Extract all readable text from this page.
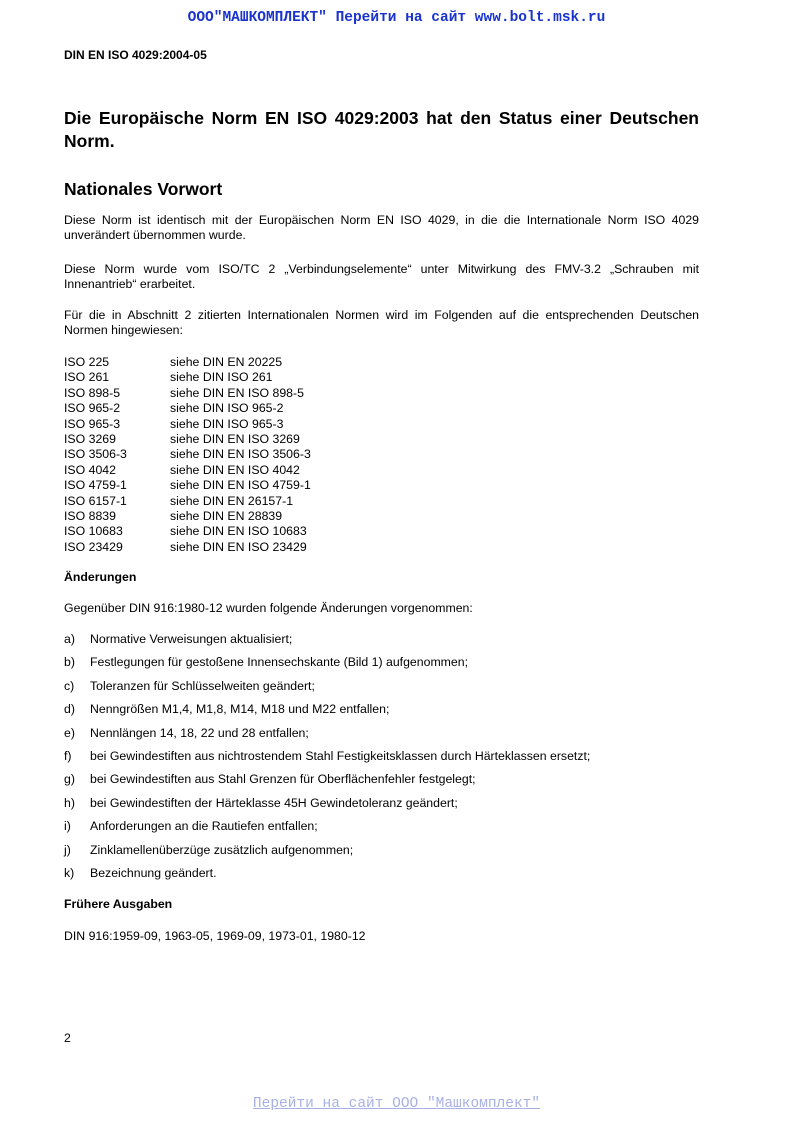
ООО"МАШКОМПЛЕКТ" Перейти на сайт www.bolt.msk.ru
DIN EN ISO 4029:2004-05
Die Europäische Norm EN ISO 4029:2003 hat den Status einer Deutschen Norm.
Nationales Vorwort
Diese Norm ist identisch mit der Europäischen Norm EN ISO 4029, in die die Internationale Norm ISO 4029 unverändert übernommen wurde.
Diese Norm wurde vom ISO/TC 2 „Verbindungselemente“ unter Mitwirkung des FMV-3.2 „Schrauben mit Innenantrieb“ erarbeitet.
Für die in Abschnitt 2 zitierten Internationalen Normen wird im Folgenden auf die entsprechenden Deutschen Normen hingewiesen:
ISO 225	siehe DIN EN 20225
ISO 261	siehe DIN ISO 261
ISO 898-5	siehe DIN EN ISO 898-5
ISO 965-2	siehe DIN ISO 965-2
ISO 965-3	siehe DIN ISO 965-3
ISO 3269	siehe DIN EN ISO 3269
ISO 3506-3	siehe DIN EN ISO 3506-3
ISO 4042	siehe DIN EN ISO 4042
ISO 4759-1	siehe DIN EN ISO 4759-1
ISO 6157-1	siehe DIN EN 26157-1
ISO 8839	siehe DIN EN 28839
ISO 10683	siehe DIN EN ISO 10683
ISO 23429	siehe DIN EN ISO 23429
Änderungen
Gegenüber DIN 916:1980-12 wurden folgende Änderungen vorgenommen:
a)	Normative Verweisungen aktualisiert;
b)	Festlegungen für gestoßene Innensechskante (Bild 1) aufgenommen;
c)	Toleranzen für Schlüsselweiten geändert;
d)	Nenngrößen M1,4, M1,8, M14, M18 und M22 entfallen;
e)	Nennlängen 14, 18, 22 und 28 entfallen;
f)	bei Gewindestiften aus nichtrostendem Stahl Festigkeitsklassen durch Härteklassen ersetzt;
g)	bei Gewindestiften aus Stahl Grenzen für Oberflächenfehler festgelegt;
h)	bei Gewindestiften der Härteklasse 45H Gewindetoleranz geändert;
i)	Anforderungen an die Rautiefen entfallen;
j)	Zinklamellenüberzüge zusätzlich aufgenommen;
k)	Bezeichnung geändert.
Frühere Ausgaben
DIN 916:1959-09, 1963-05, 1969-09, 1973-01, 1980-12
2
Перейти на сайт ООО "Машкомплект"
